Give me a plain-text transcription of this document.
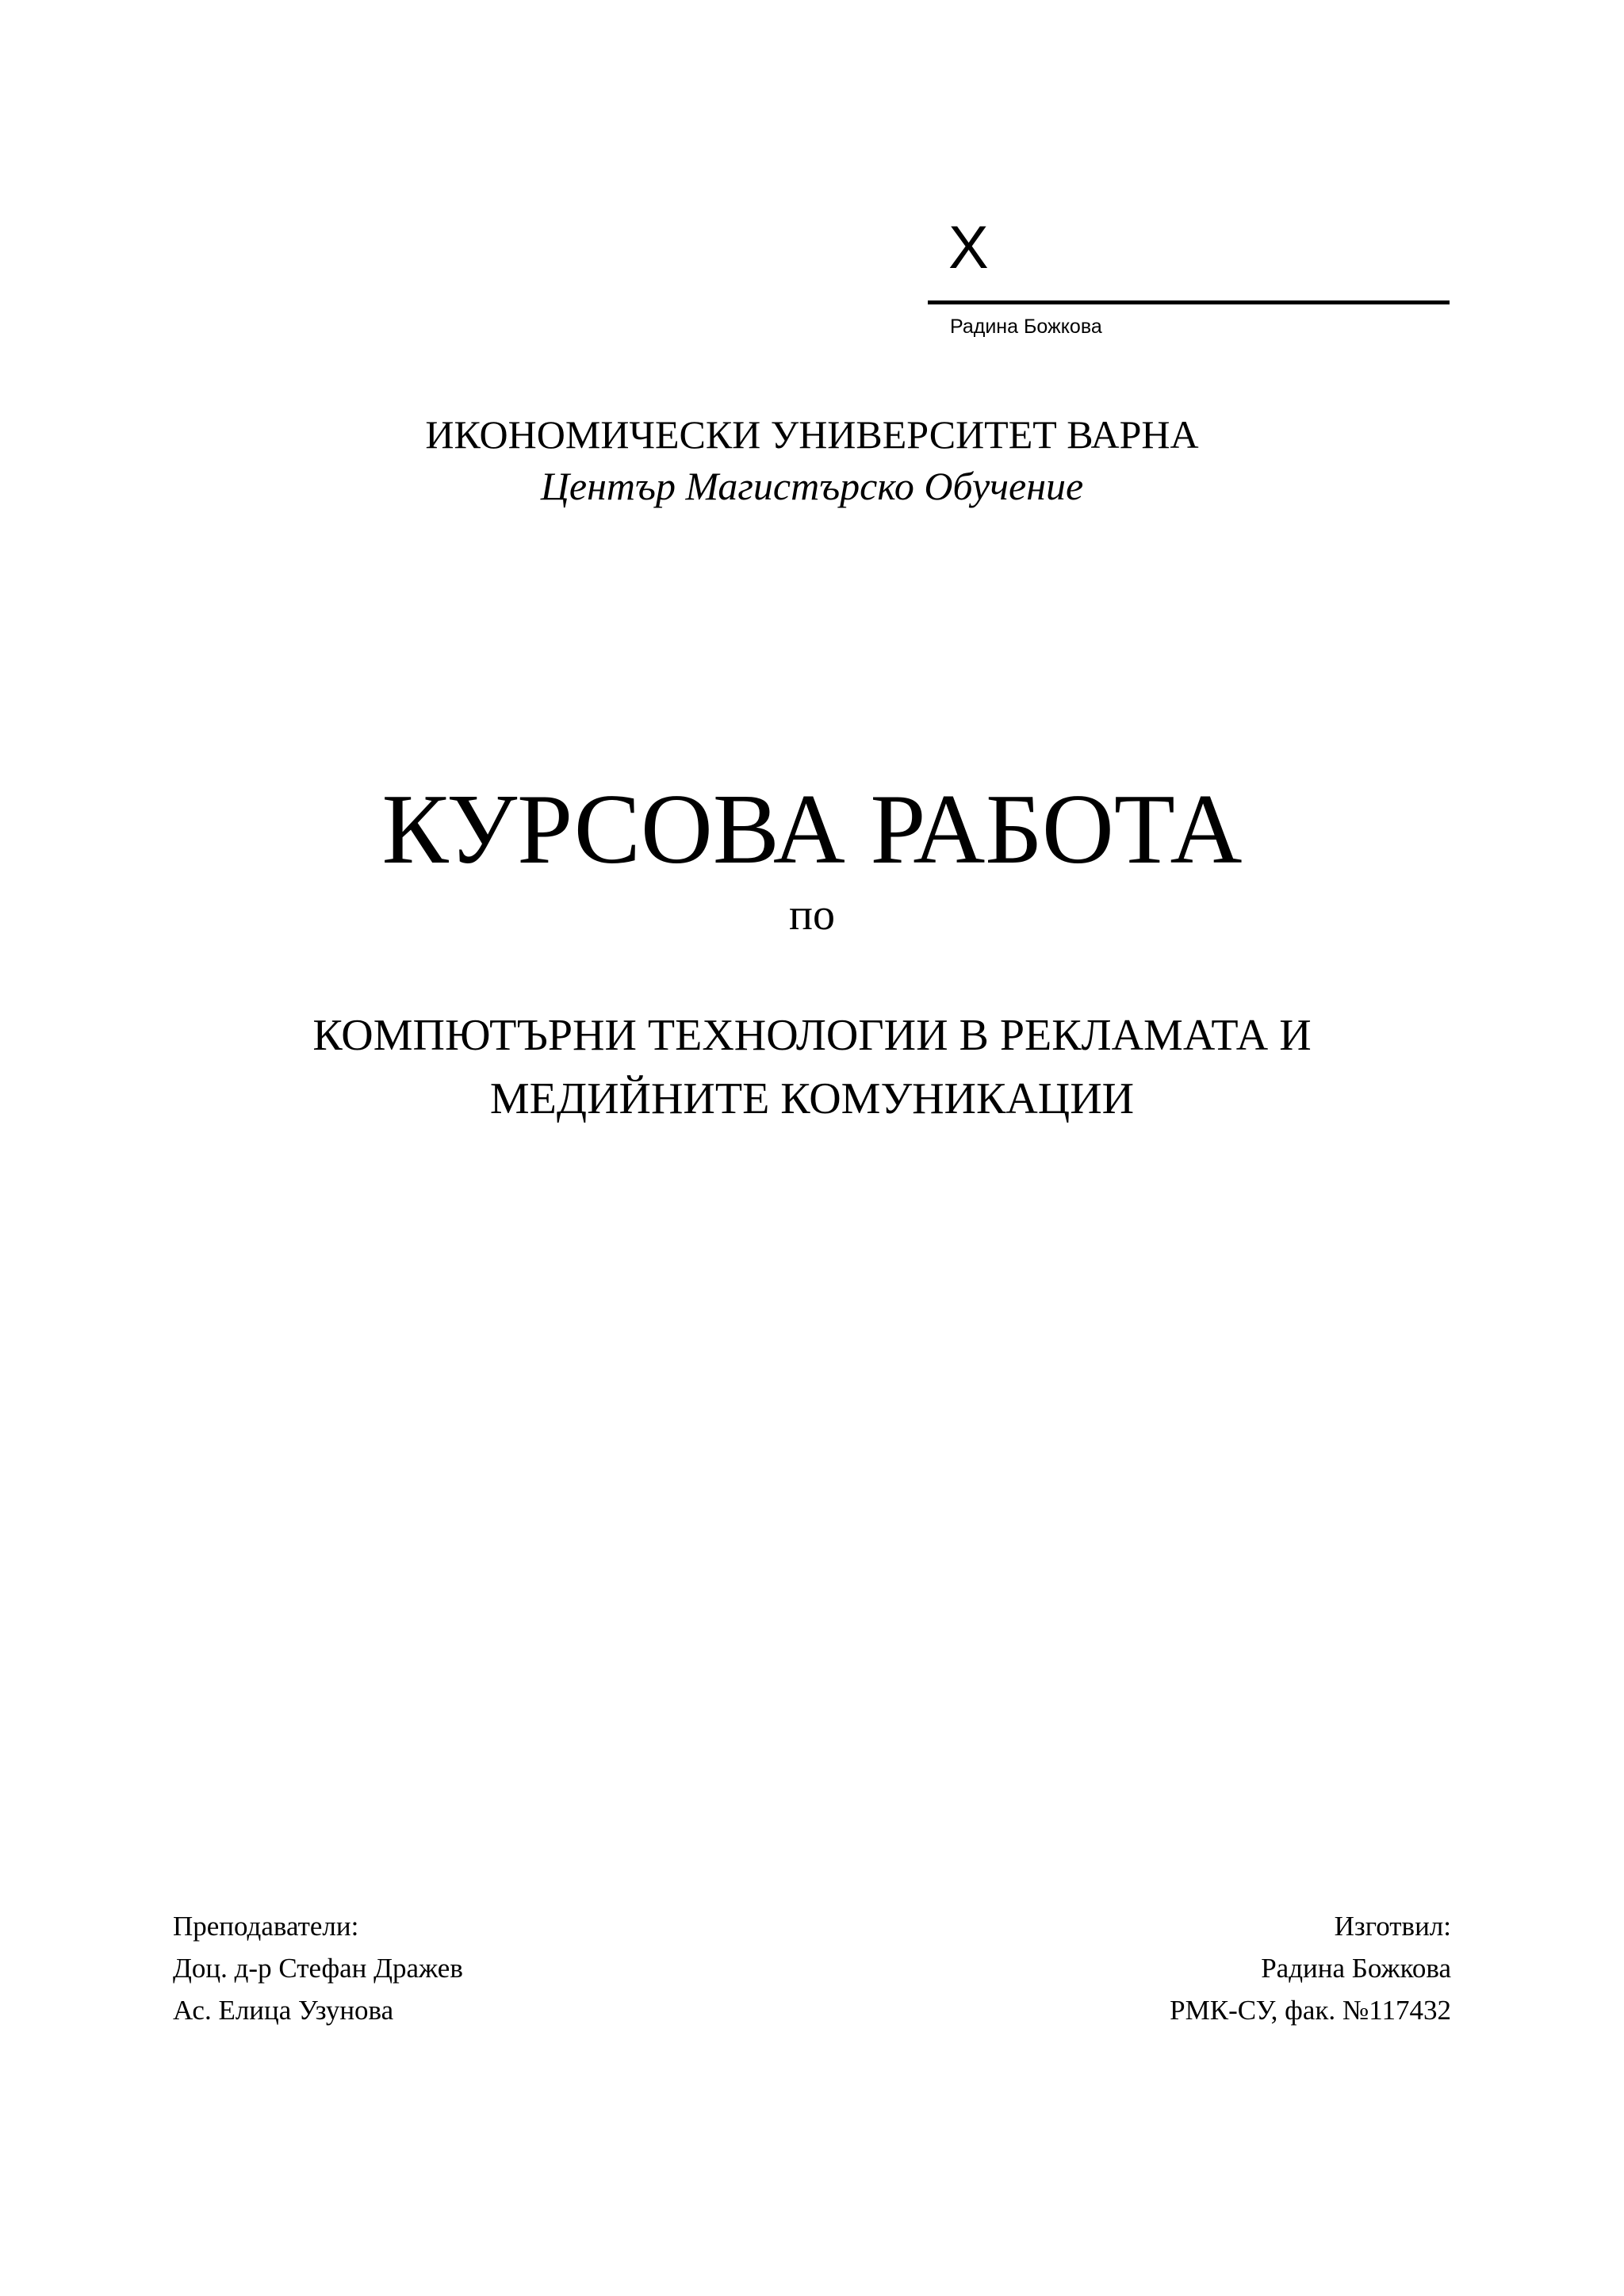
X
Радина Божкова
ИКОНОМИЧЕСКИ УНИВЕРСИТЕТ ВАРНА
Център Магистърско Обучение
КУРСОВА РАБОТА
по
КОМПЮТЪРНИ ТЕХНОЛОГИИ В РЕКЛАМАТА И
МЕДИЙНИТЕ КОМУНИКАЦИИ
Преподаватели:
Доц. д-р Стефан Дражев
Ас. Елица Узунова
Изготвил:
Радина Божкова
РМК-СУ, фак. №117432
